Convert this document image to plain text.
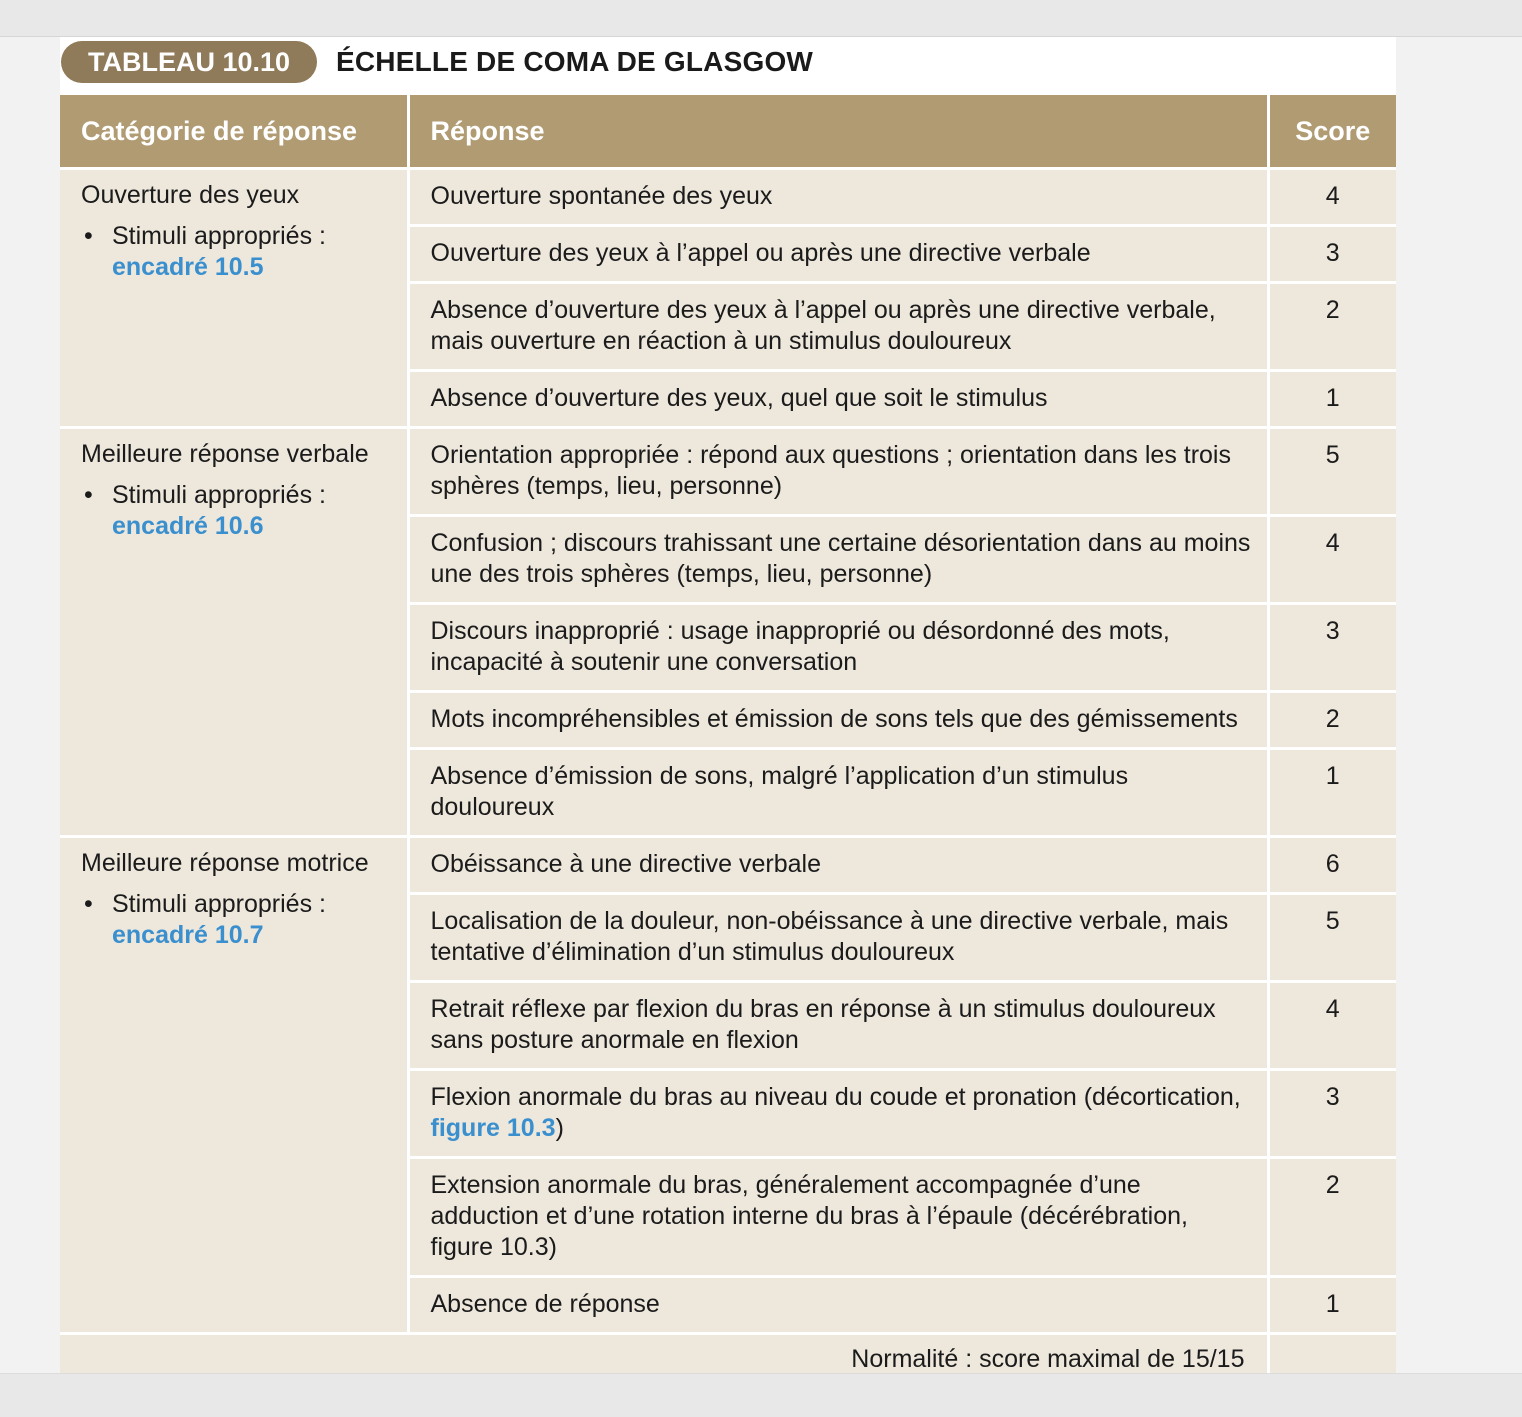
TABLEAU 10.10	ÉCHELLE DE COMA DE GLASGOW
Catégorie de réponse	Réponse	Score

Ouverture des yeux
• Stimuli appropriés :
encadré 10.5	Ouverture spontanée des yeux	4
	Ouverture des yeux à l’appel ou après une directive verbale	3
	Absence d’ouverture des yeux à l’appel ou après une directive verbale, mais ouverture en réaction à un stimulus douloureux	2
	Absence d’ouverture des yeux, quel que soit le stimulus	1

Meilleure réponse verbale
• Stimuli appropriés :
encadré 10.6	Orientation appropriée : répond aux questions ; orientation dans les trois sphères (temps, lieu, personne)	5
	Confusion ; discours trahissant une certaine désorientation dans au moins une des trois sphères (temps, lieu, personne)	4
	Discours inapproprié : usage inapproprié ou désordonné des mots, incapacité à soutenir une conversation	3
	Mots incompréhensibles et émission de sons tels que des gémissements	2
	Absence d’émission de sons, malgré l’application d’un stimulus douloureux	1

Meilleure réponse motrice
• Stimuli appropriés :
encadré 10.7	Obéissance à une directive verbale	6
	Localisation de la douleur, non-obéissance à une directive verbale, mais tentative d’élimination d’un stimulus douloureux	5
	Retrait réflexe par flexion du bras en réponse à un stimulus douloureux sans posture anormale en flexion	4
	Flexion anormale du bras au niveau du coude et pronation (décortication, figure 10.3)	3
	Extension anormale du bras, généralement accompagnée d’une adduction et d’une rotation interne du bras à l’épaule (décérébration, figure 10.3)	2
	Absence de réponse	1
Normalité : score maximal de 15/15		
